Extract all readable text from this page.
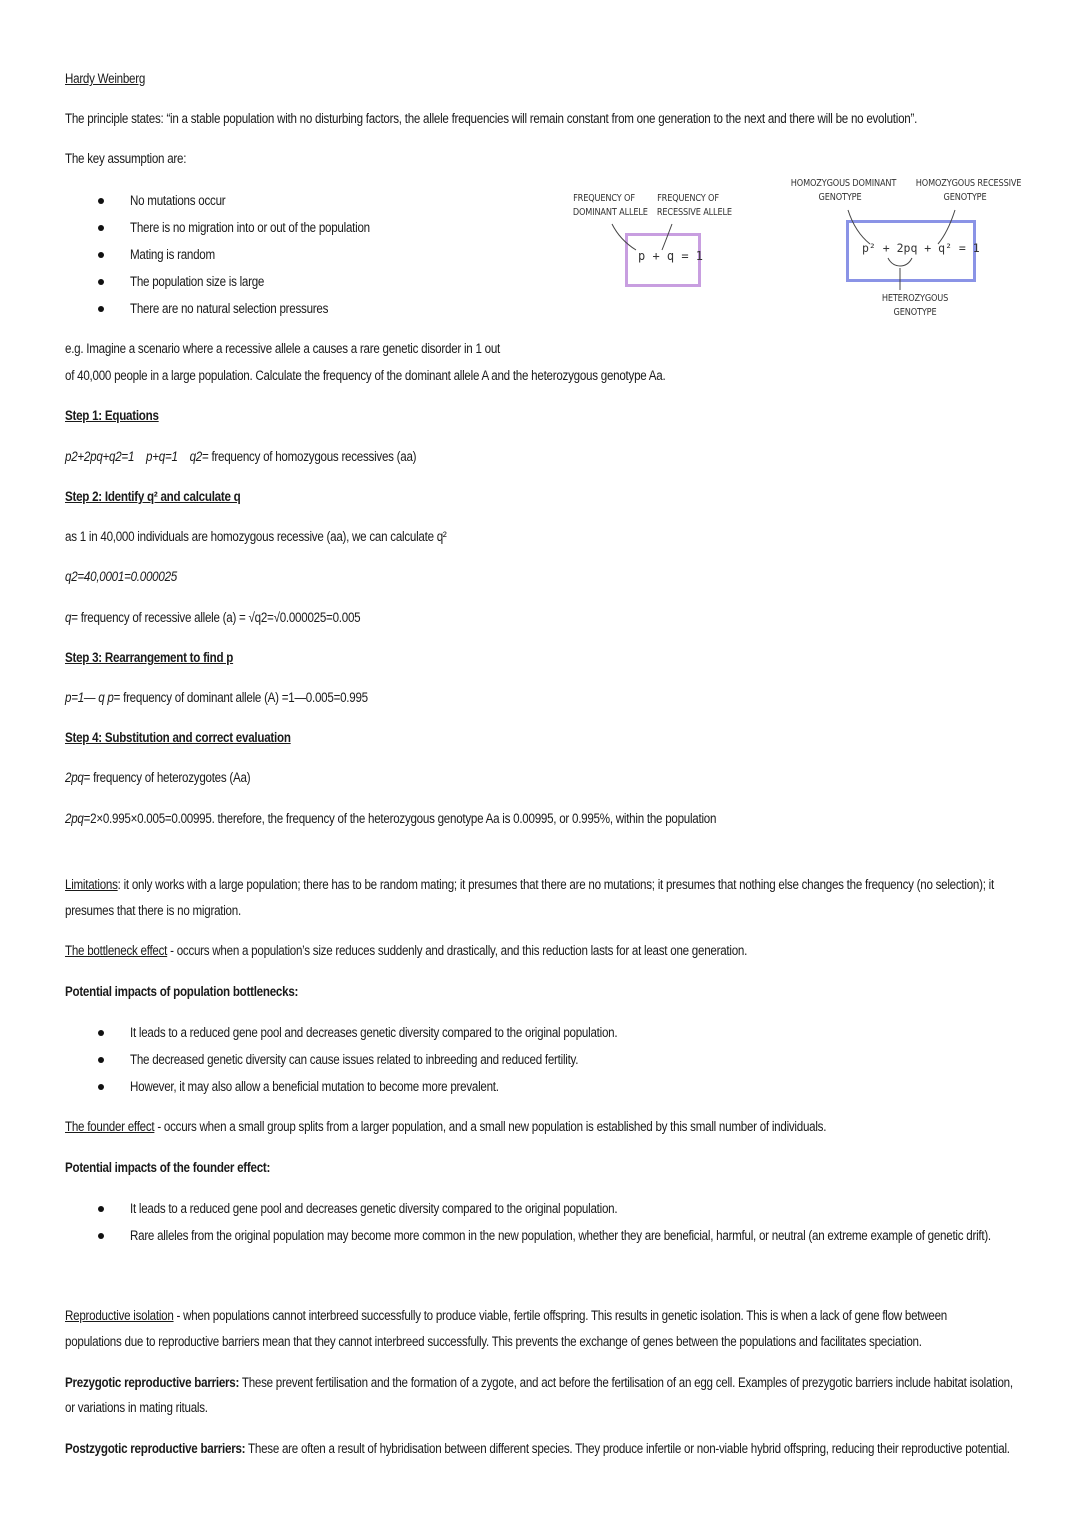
Hardy Weinberg
The principle states: “in a stable population with no disturbing factors, the allele frequencies will remain constant from one generation to the next and there will be no evolution”.
The key assumption are:
No mutations occur
There is no migration into or out of the population
Mating is random
The population size is large
There are no natural selection pressures
FREQUENCY OF
DOMINANT ALLELE
FREQUENCY OF
RECESSIVE ALLELE
p + q = 1
HOMOZYGOUS DOMINANT
GENOTYPE
HOMOZYGOUS RECESSIVE
GENOTYPE
p² + 2pq + q² = 1
HETEROZYGOUS
GENOTYPE
e.g. Imagine a scenario where a recessive allele a causes a rare genetic disorder in 1 out
of 40,000 people in a large population. Calculate the frequency of the dominant allele A and the heterozygous genotype Aa.
Step 1: Equations
p2+2pq+q2=1 p+q=1 q2= frequency of homozygous recessives (aa)
Step 2: Identify q² and calculate q
as 1 in 40,000 individuals are homozygous recessive (aa), we can calculate q²
q2=40,0001=0.000025
q= frequency of recessive allele (a) = √q2=√0.000025=0.005
Step 3: Rearrangement to find p
p=1— q p= frequency of dominant allele (A) =1—0.005=0.995
Step 4: Substitution and correct evaluation
2pq= frequency of heterozygotes (Aa)
2pq=2×0.995×0.005=0.00995. therefore, the frequency of the heterozygous genotype Aa is 0.00995, or 0.995%, within the population
Limitations: it only works with a large population; there has to be random mating; it presumes that there are no mutations; it presumes that nothing else changes the frequency (no selection); it
presumes that there is no migration.
The bottleneck effect - occurs when a population’s size reduces suddenly and drastically, and this reduction lasts for at least one generation.
Potential impacts of population bottlenecks:
It leads to a reduced gene pool and decreases genetic diversity compared to the original population.
The decreased genetic diversity can cause issues related to inbreeding and reduced fertility.
However, it may also allow a beneficial mutation to become more prevalent.
The founder effect - occurs when a small group splits from a larger population, and a small new population is established by this small number of individuals.
Potential impacts of the founder effect:
It leads to a reduced gene pool and decreases genetic diversity compared to the original population.
Rare alleles from the original population may become more common in the new population, whether they are beneficial, harmful, or neutral (an extreme example of genetic drift).
Reproductive isolation - when populations cannot interbreed successfully to produce viable, fertile offspring. This results in genetic isolation. This is when a lack of gene flow between
populations due to reproductive barriers mean that they cannot interbreed successfully. This prevents the exchange of genes between the populations and facilitates speciation.
Prezygotic reproductive barriers: These prevent fertilisation and the formation of a zygote, and act before the fertilisation of an egg cell. Examples of prezygotic barriers include habitat isolation,
or variations in mating rituals.
Postzygotic reproductive barriers: These are often a result of hybridisation between different species. They produce infertile or non-viable hybrid offspring, reducing their reproductive potential.
